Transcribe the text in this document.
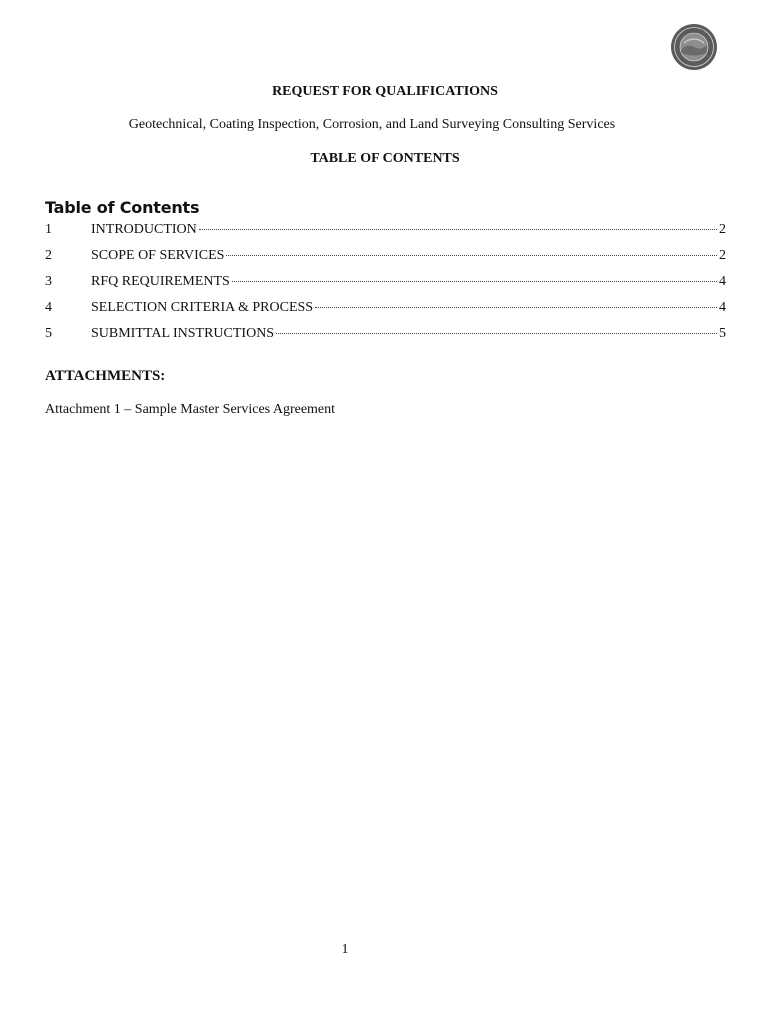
REQUEST FOR QUALIFICATIONS
Geotechnical, Coating Inspection, Corrosion, and Land Surveying Consulting Services
TABLE OF CONTENTS
Table of Contents
1	INTRODUCTION	2
2	SCOPE OF SERVICES	2
3	RFQ REQUIREMENTS	4
4	SELECTION CRITERIA & PROCESS	4
5	SUBMITTAL INSTRUCTIONS	5
ATTACHMENTS:
Attachment 1 – Sample Master Services Agreement
1
